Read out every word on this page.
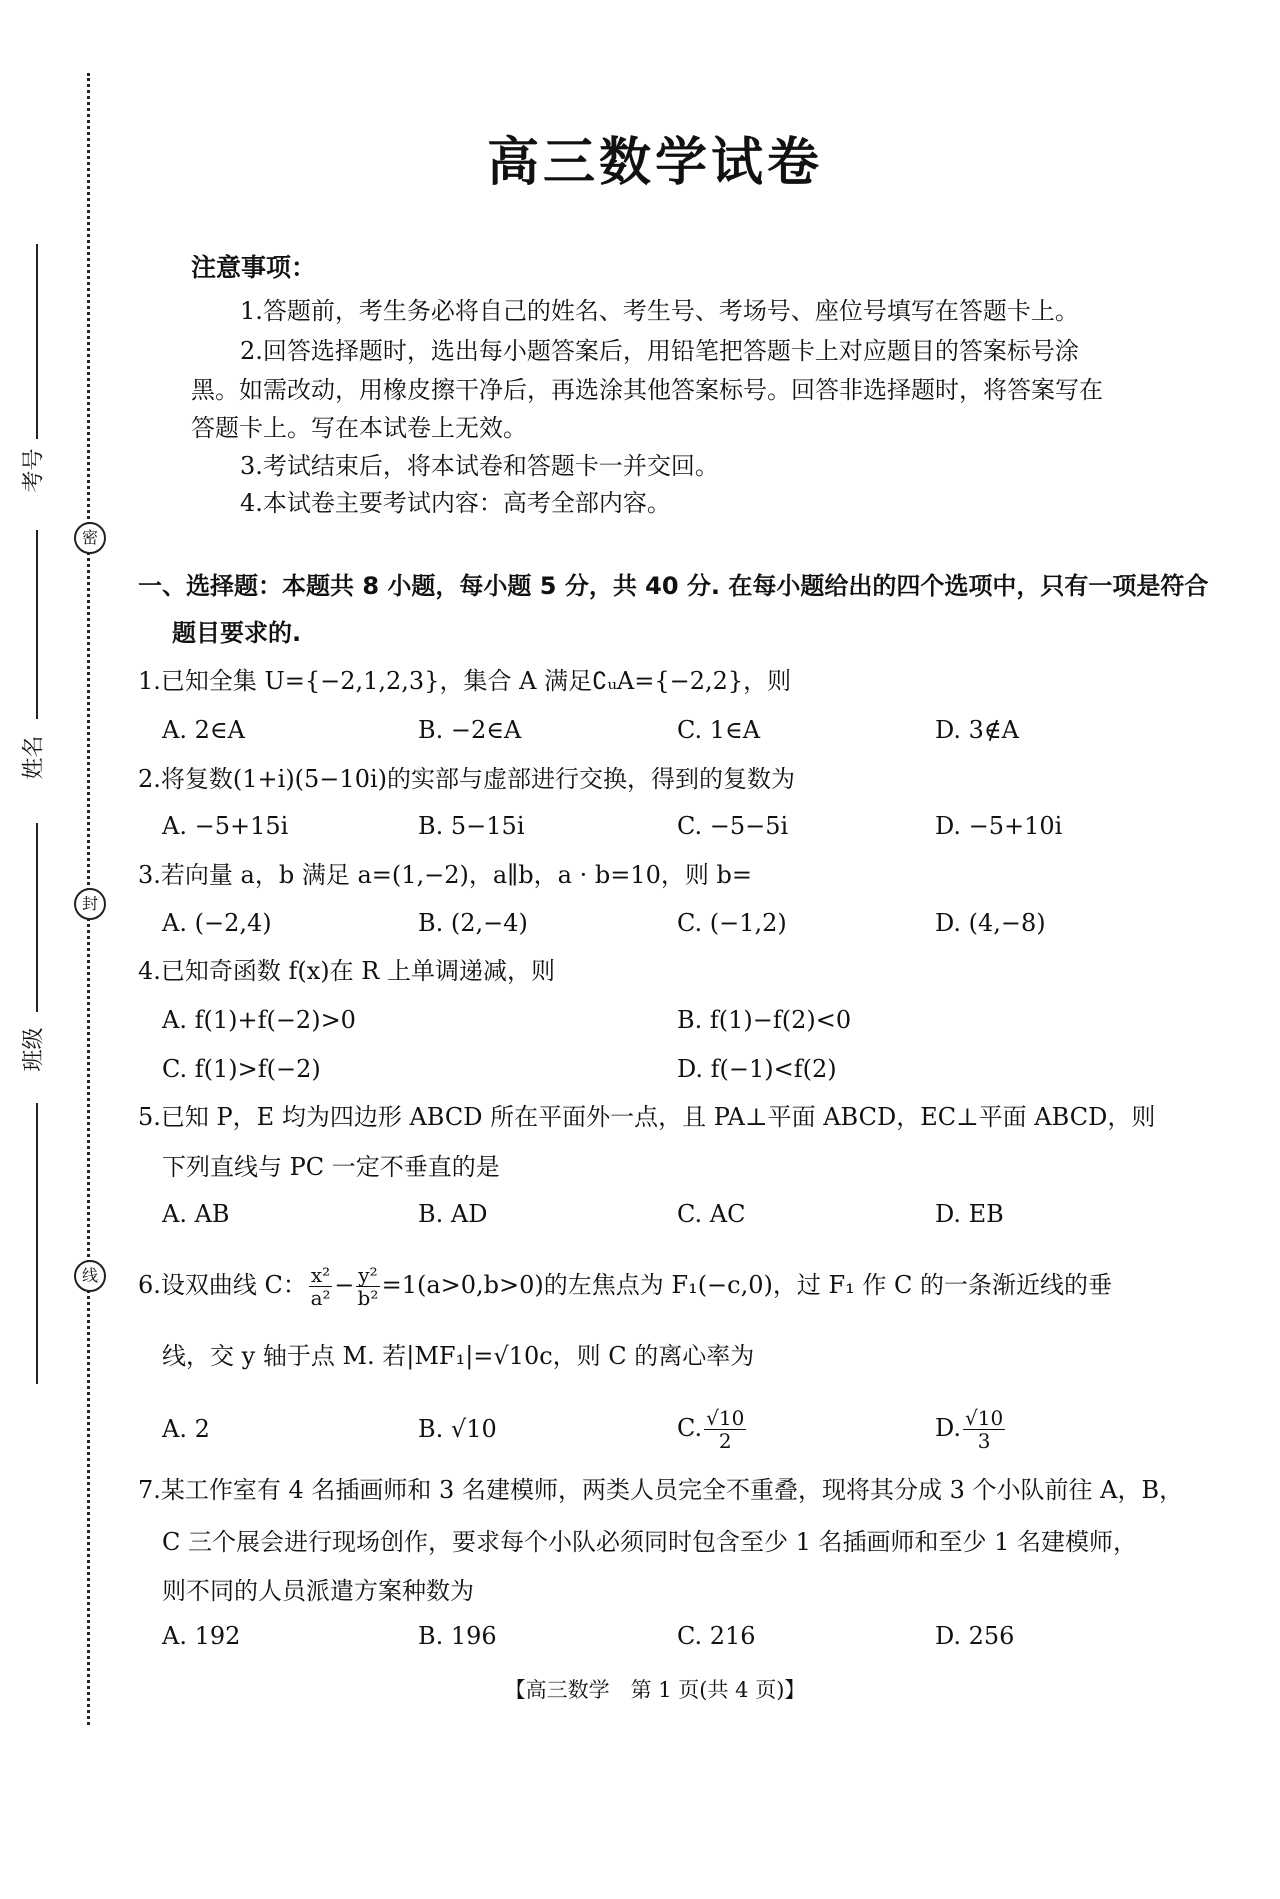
密
封
线
考号
姓名
班级
高三数学试卷
注意事项：
1.答题前，考生务必将自己的姓名、考生号、考场号、座位号填写在答题卡上。
2.回答选择题时，选出每小题答案后，用铅笔把答题卡上对应题目的答案标号涂
黑。如需改动，用橡皮擦干净后，再选涂其他答案标号。回答非选择题时，将答案写在
答题卡上。写在本试卷上无效。
3.考试结束后，将本试卷和答题卡一并交回。
4.本试卷主要考试内容：高考全部内容。
一、选择题：本题共 8 小题，每小题 5 分，共 40 分. 在每小题给出的四个选项中，只有一项是符合
题目要求的.
1.已知全集 U={−2,1,2,3}，集合 A 满足∁ᵤA={−2,2}，则
A. 2∈A	B. −2∈A	C. 1∈A	D. 3∉A
2.将复数(1+i)(5−10i)的实部与虚部进行交换，得到的复数为
A. −5+15i	B. 5−15i	C. −5−5i	D. −5+10i
3.若向量 a，b 满足 a=(1,−2)，a∥b，a · b=10，则 b=
A. (−2,4)	B. (2,−4)	C. (−1,2)	D. (4,−8)
4.已知奇函数 f(x)在 R 上单调递减，则
A. f(1)+f(−2)>0	B. f(1)−f(2)<0
C. f(1)>f(−2)	D. f(−1)<f(2)
5.已知 P，E 均为四边形 ABCD 所在平面外一点，且 PA⊥平面 ABCD，EC⊥平面 ABCD，则
下列直线与 PC 一定不垂直的是
A. AB	B. AD	C. AC	D. EB
6.设双曲线 C： $\frac{\text{x²}}{\text{a²}} - \frac{\text{y²}}{\text{b²}} =1(a>0,b>0)$的左焦点为 F₁(−c,0)，过 F₁ 作 C 的一条渐近线的垂
线，交 y 轴于点 M. 若|MF₁|=√10c，则 C 的离心率为
A. 2	B. √10	C. $\frac{√10}{2}$	D. $\frac{√10}{3}$
7.某工作室有 4 名插画师和 3 名建模师，两类人员完全不重叠，现将其分成 3 个小队前往 A，B，
C 三个展会进行现场创作，要求每个小队必须同时包含至少 1 名插画师和至少 1 名建模师，
则不同的人员派遣方案种数为
A. 192	B. 196	C. 216	D. 256
【高三数学　第 1 页(共 4 页)】
